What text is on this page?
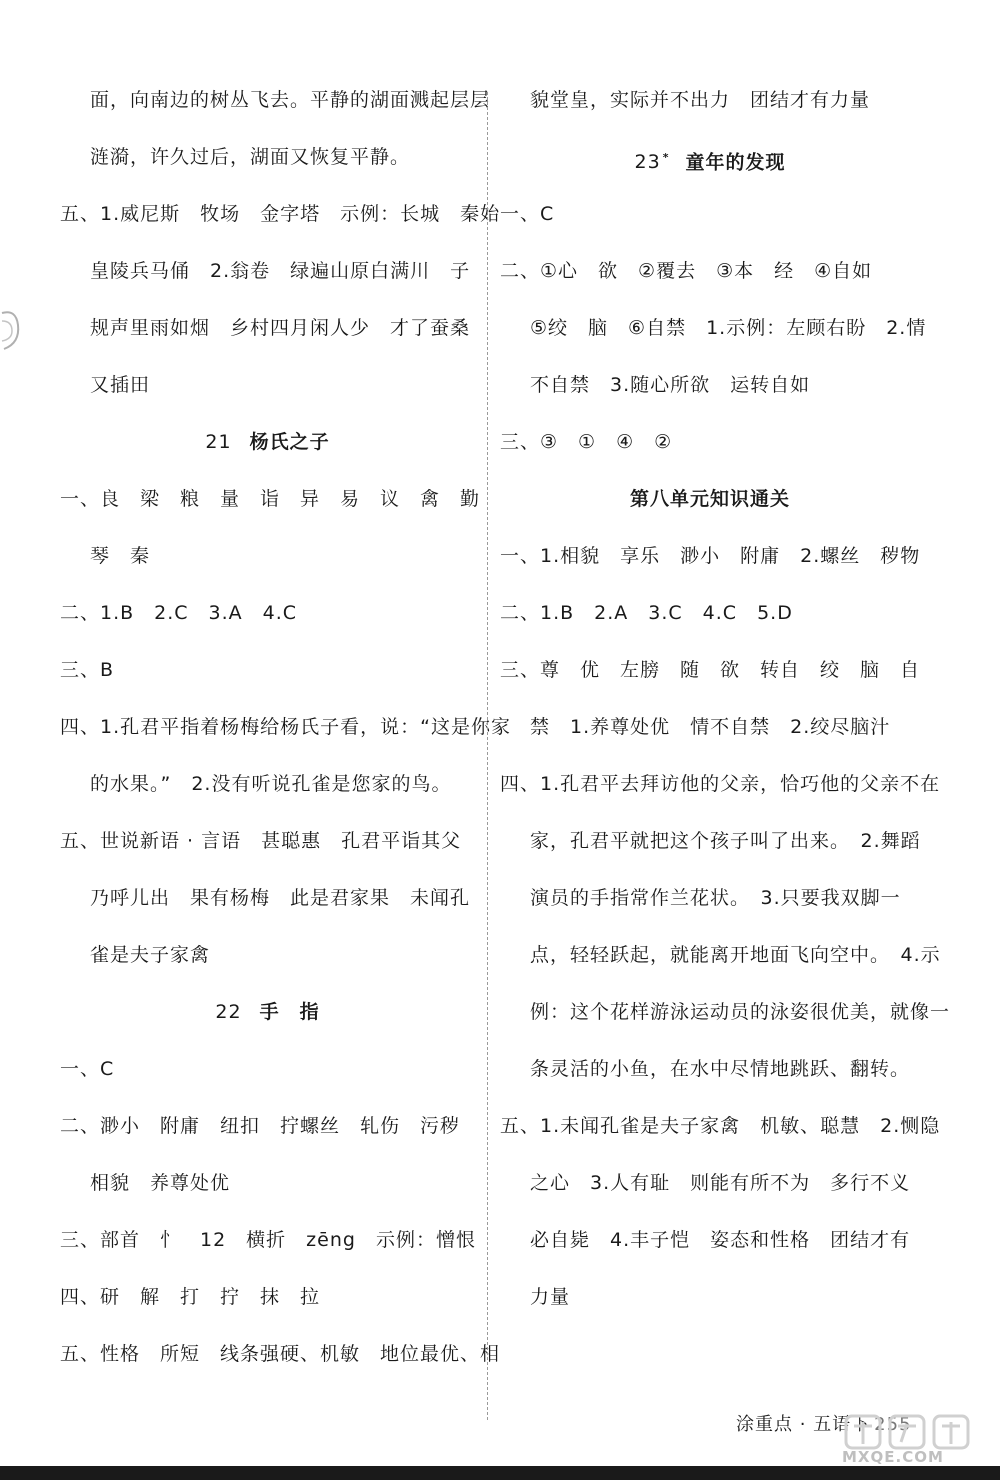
面，向南边的树丛飞去。平静的湖面溅起层层
涟漪，许久过后，湖面又恢复平静。
五、1.威尼斯　牧场　金字塔　示例：长城　秦始
皇陵兵马俑　2.翁卷　绿遍山原白满川　子
规声里雨如烟　乡村四月闲人少　才了蚕桑
又插田
21 杨氏之子
一、良　梁　粮　量　诣　异　易　议　禽　勤
琴　秦
二、1.B　2.C　3.A　4.C
三、B
四、1.孔君平指着杨梅给杨氏子看，说：“这是你家
的水果。”　2.没有听说孔雀是您家的鸟。
五、世说新语 · 言语　甚聪惠　孔君平诣其父
乃呼儿出　果有杨梅　此是君家果　未闻孔
雀是夫子家禽
22 手　指
一、C
二、渺小　附庸　纽扣　拧螺丝　轧伤　污秽
相貌　养尊处优
三、部首　忄　12　横折　zēng　示例：憎恨
四、研　解　打　拧　抹　拉
五、性格　所短　线条强硬、机敏　地位最优、相
貌堂皇，实际并不出力　团结才有力量
23 * 童年的发现
一、C
二、①心　欲　②覆去　③本　经　④自如
⑤绞　脑　⑥自禁　1.示例：左顾右盼　2.情
不自禁　3.随心所欲　运转自如
三、③　①　④　②
第八单元知识通关
一、1.相貌　享乐　渺小　附庸　2.螺丝　秽物
二、1.B　2.A　3.C　4.C　5.D
三、尊　优　左膀　随　欲　转自　绞　脑　自
禁　1.养尊处优　情不自禁　2.绞尽脑汁
四、1.孔君平去拜访他的父亲，恰巧他的父亲不在
家，孔君平就把这个孩子叫了出来。　2.舞蹈
演员的手指常作兰花状。　3.只要我双脚一
点，轻轻跃起，就能离开地面飞向空中。　4.示
例：这个花样游泳运动员的泳姿很优美，就像一
条灵活的小鱼，在水中尽情地跳跃、翻转。
五、1.未闻孔雀是夫子家禽　机敏、聪慧　2.恻隐
之心　3.人有耻　则能有所不为　多行不义
必自毙　4.丰子恺　姿态和性格　团结才有
力量
涂重点 · 五语下 255
MXQE.COM
